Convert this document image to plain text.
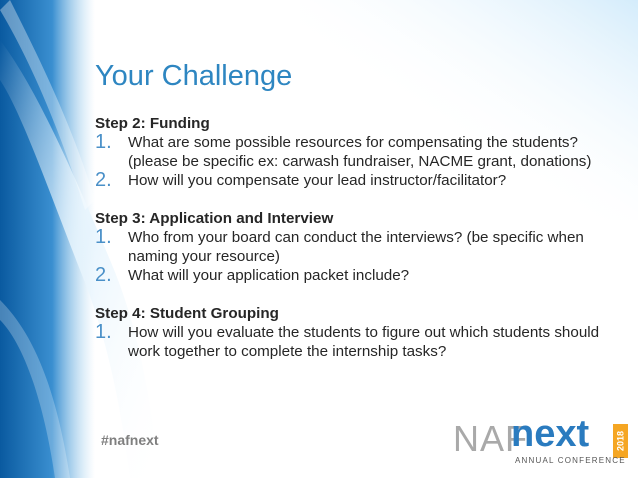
Your Challenge
Step 2: Funding
1.	What are some possible resources for compensating the students? (please be specific ex: carwash fundraiser, NACME grant, donations)
2.	How will you compensate your lead instructor/facilitator?
Step 3: Application and Interview
1.	Who from your board can conduct the interviews? (be specific when naming your resource)
2.	What will your application packet include?
Step 4: Student Grouping
1.	How will you evaluate the students to figure out which students should work together to complete the internship tasks?
#nafnext	NAF
next	2018
ANNUAL CONFERENCE
